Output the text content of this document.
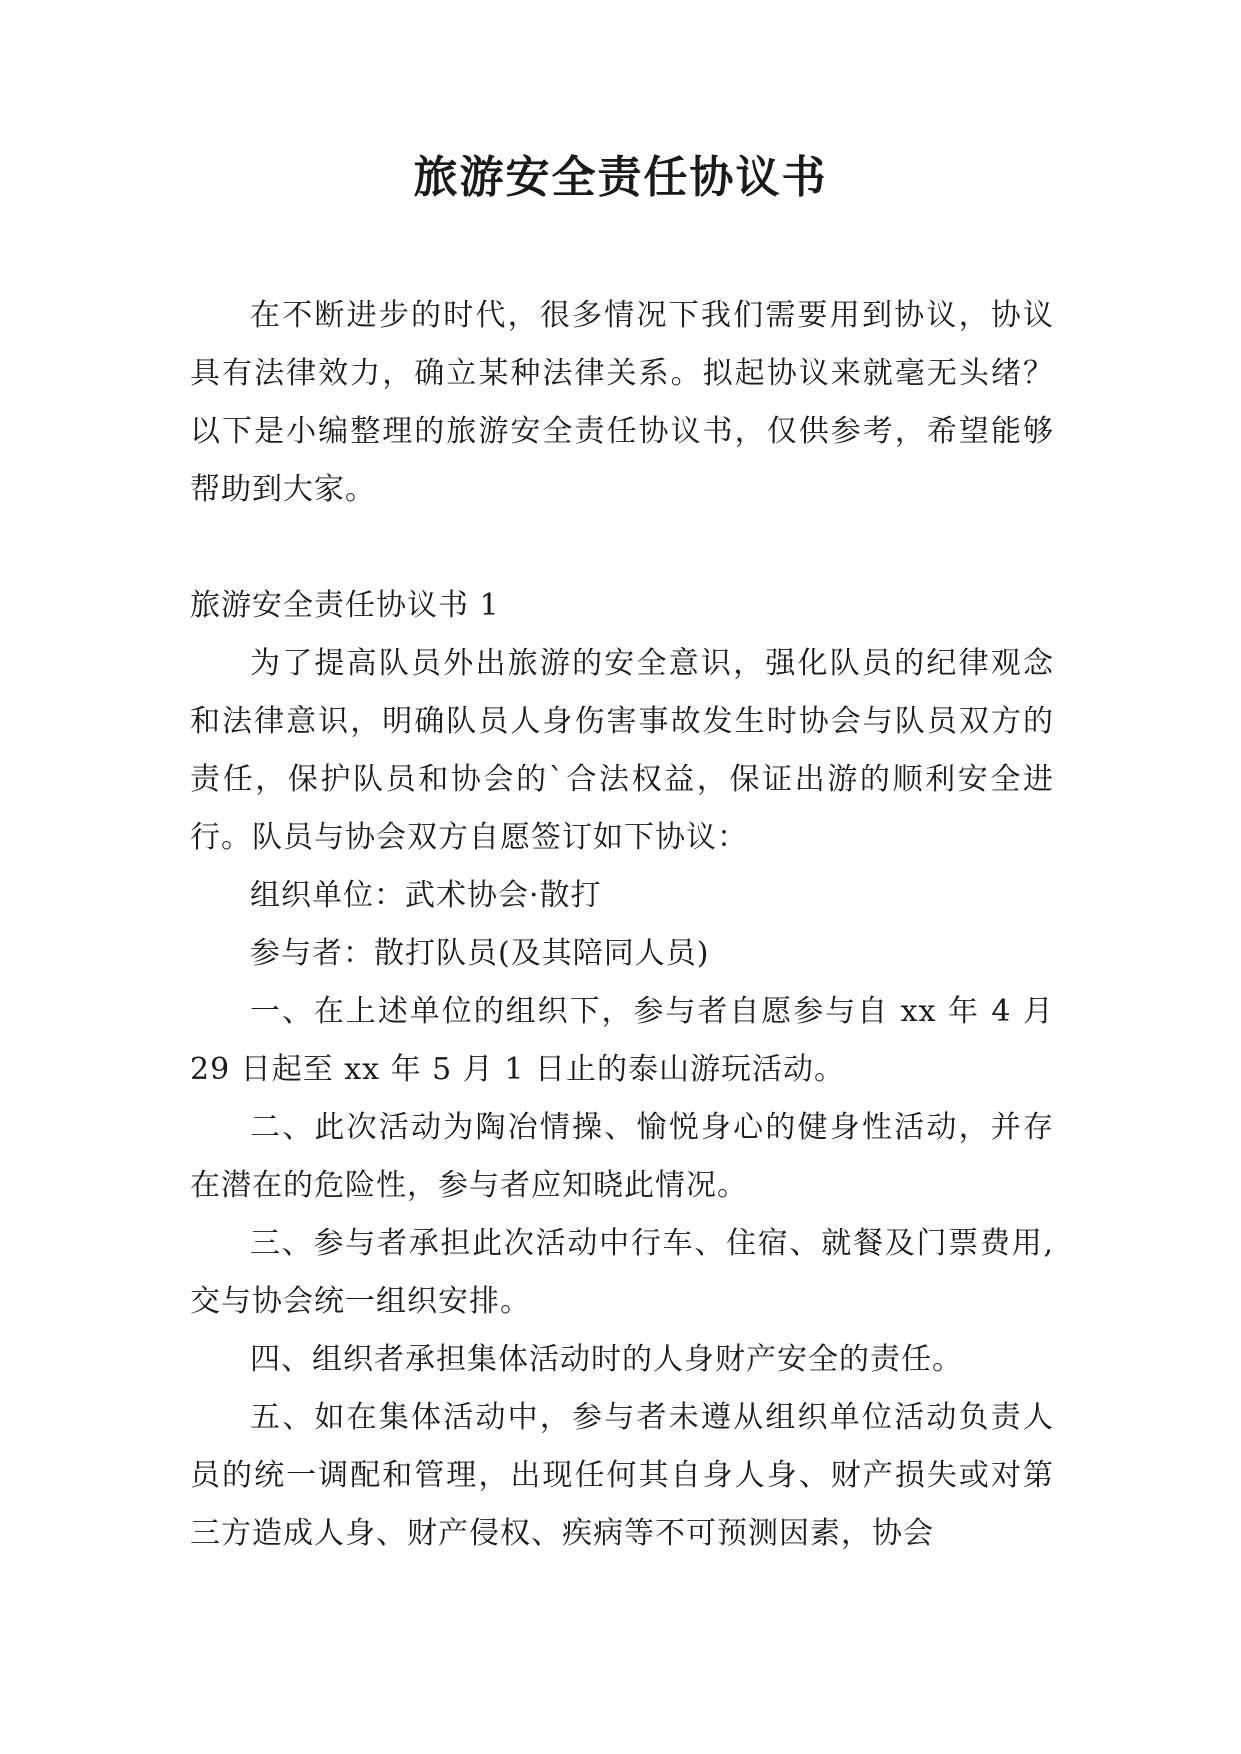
旅游安全责任协议书

在不断进步的时代，很多情况下我们需要用到协议，协议具有法律效力，确立某种法律关系。拟起协议来就毫无头绪？以下是小编整理的旅游安全责任协议书，仅供参考，希望能够帮助到大家。

旅游安全责任协议书 1

为了提高队员外出旅游的安全意识，强化队员的纪律观念和法律意识，明确队员人身伤害事故发生时协会与队员双方的责任，保护队员和协会的`合法权益，保证出游的顺利安全进行。队员与协会双方自愿签订如下协议：

组织单位：武术协会·散打

参与者：散打队员(及其陪同人员)

一、在上述单位的组织下，参与者自愿参与自 xx 年 4 月 29 日起至 xx 年 5 月 1 日止的泰山游玩活动。

二、此次活动为陶冶情操、愉悦身心的健身性活动，并存在潜在的危险性，参与者应知晓此情况。

三、参与者承担此次活动中行车、住宿、就餐及门票费用,交与协会统一组织安排。

四、组织者承担集体活动时的人身财产安全的责任。

五、如在集体活动中，参与者未遵从组织单位活动负责人员的统一调配和管理，出现任何其自身人身、财产损失或对第三方造成人身、财产侵权、疾病等不可预测因素，协会
